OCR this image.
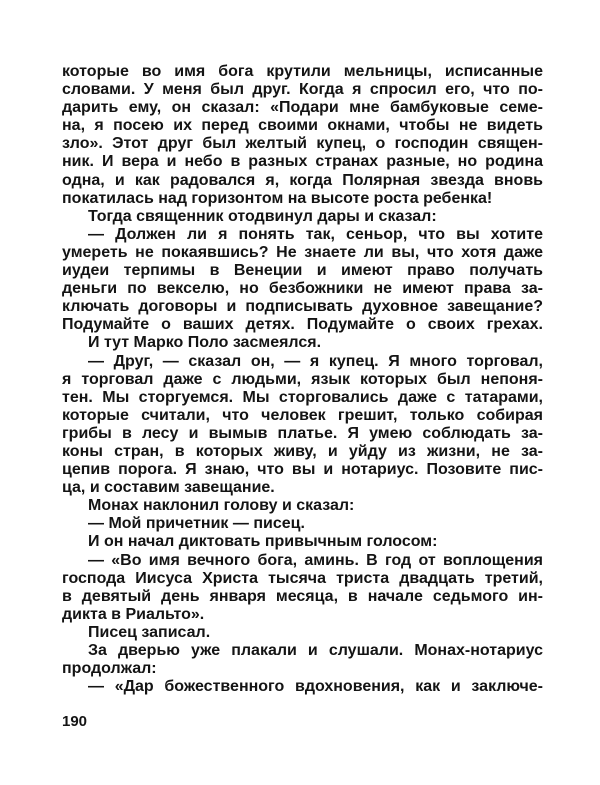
которые во имя бога крутили мельницы, исписанные
словами. У меня был друг. Когда я спросил его, что по-
дарить ему, он сказал: «Подари мне бамбуковые семе-
на, я посею их перед своими окнами, чтобы не видеть
зло». Этот друг был желтый купец, о господин священ-
ник. И вера и небо в разных странах разные, но родина
одна, и как радовался я, когда Полярная звезда вновь
покатилась над горизонтом на высоте роста ребенка!
Тогда священник отодвинул дары и сказал:
— Должен ли я понять так, сеньор, что вы хотите
умереть не покаявшись? Не знаете ли вы, что хотя даже
иудеи терпимы в Венеции и имеют право получать
деньги по векселю, но безбожники не имеют права за-
ключать договоры и подписывать духовное завещание?
Подумайте о ваших детях. Подумайте о своих грехах.
И тут Марко Поло засмеялся.
— Друг, — сказал он, — я купец. Я много торговал,
я торговал даже с людьми, язык которых был непоня-
тен. Мы сторгуемся. Мы сторговались даже с татарами,
которые считали, что человек грешит, только собирая
грибы в лесу и вымыв платье. Я умею соблюдать за-
коны стран, в которых живу, и уйду из жизни, не за-
цепив порога. Я знаю, что вы и нотариус. Позовите пис-
ца, и составим завещание.
Монах наклонил голову и сказал:
— Мой причетник — писец.
И он начал диктовать привычным голосом:
— «Во имя вечного бога, аминь. В год от воплощения
господа Иисуса Христа тысяча триста двадцать третий,
в девятый день января месяца, в начале седьмого ин-
дикта в Риальто».
Писец записал.
За дверью уже плакали и слушали. Монах-нотариус
продолжал:
— «Дар божественного вдохновения, как и заключе-
190
